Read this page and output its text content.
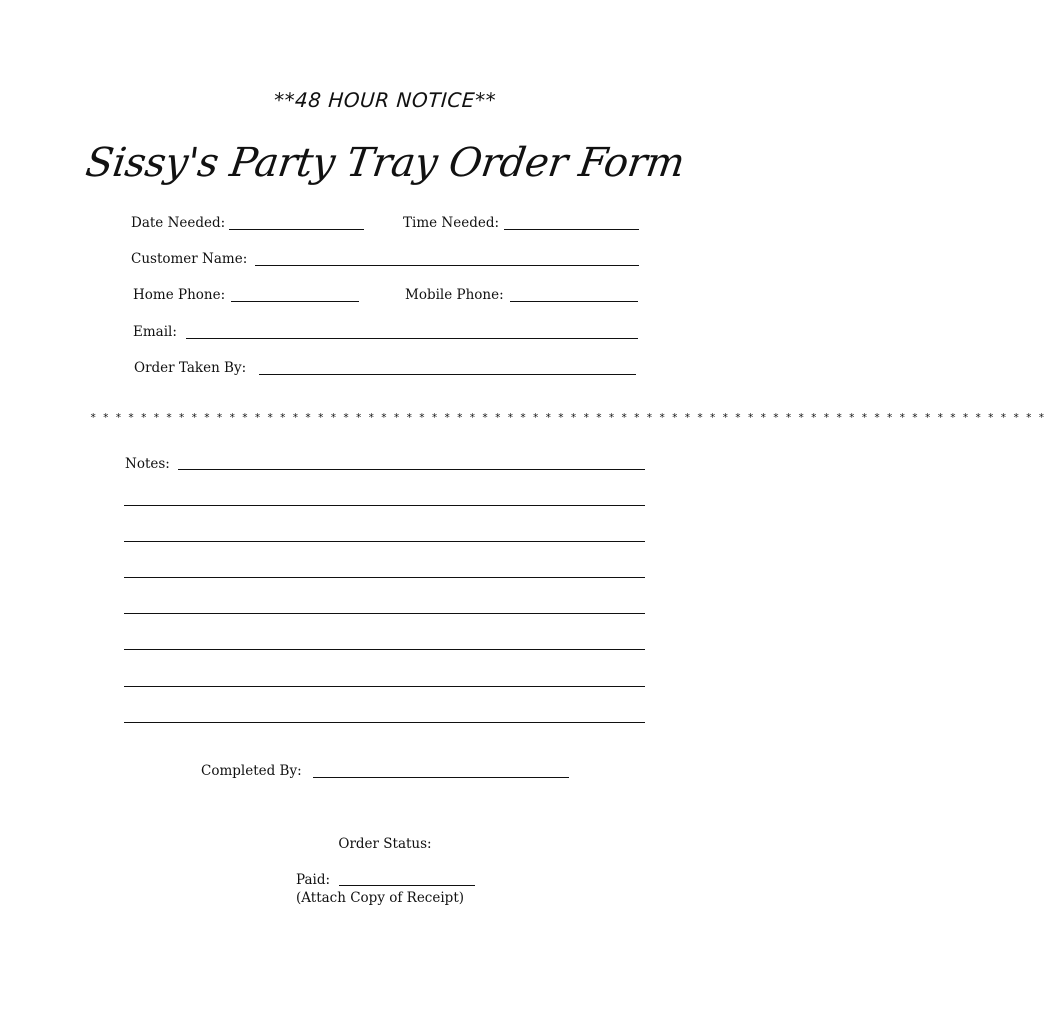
**48 HOUR NOTICE**
Sissy's Party Tray Order Form
Date Needed:	Time Needed:
Customer Name:
Home Phone:	Mobile Phone:
Email:
Order Taken By:
* * * * * * * * * * * * * * * * * * * * * * * * * * * * * * * * * * * * * * * * * * * * * * * * * * * * * * * * * * * * * * * * * * * * * * * * * * * *
Notes:
Completed By:
Order Status:
Paid:
(Attach Copy of Receipt)
